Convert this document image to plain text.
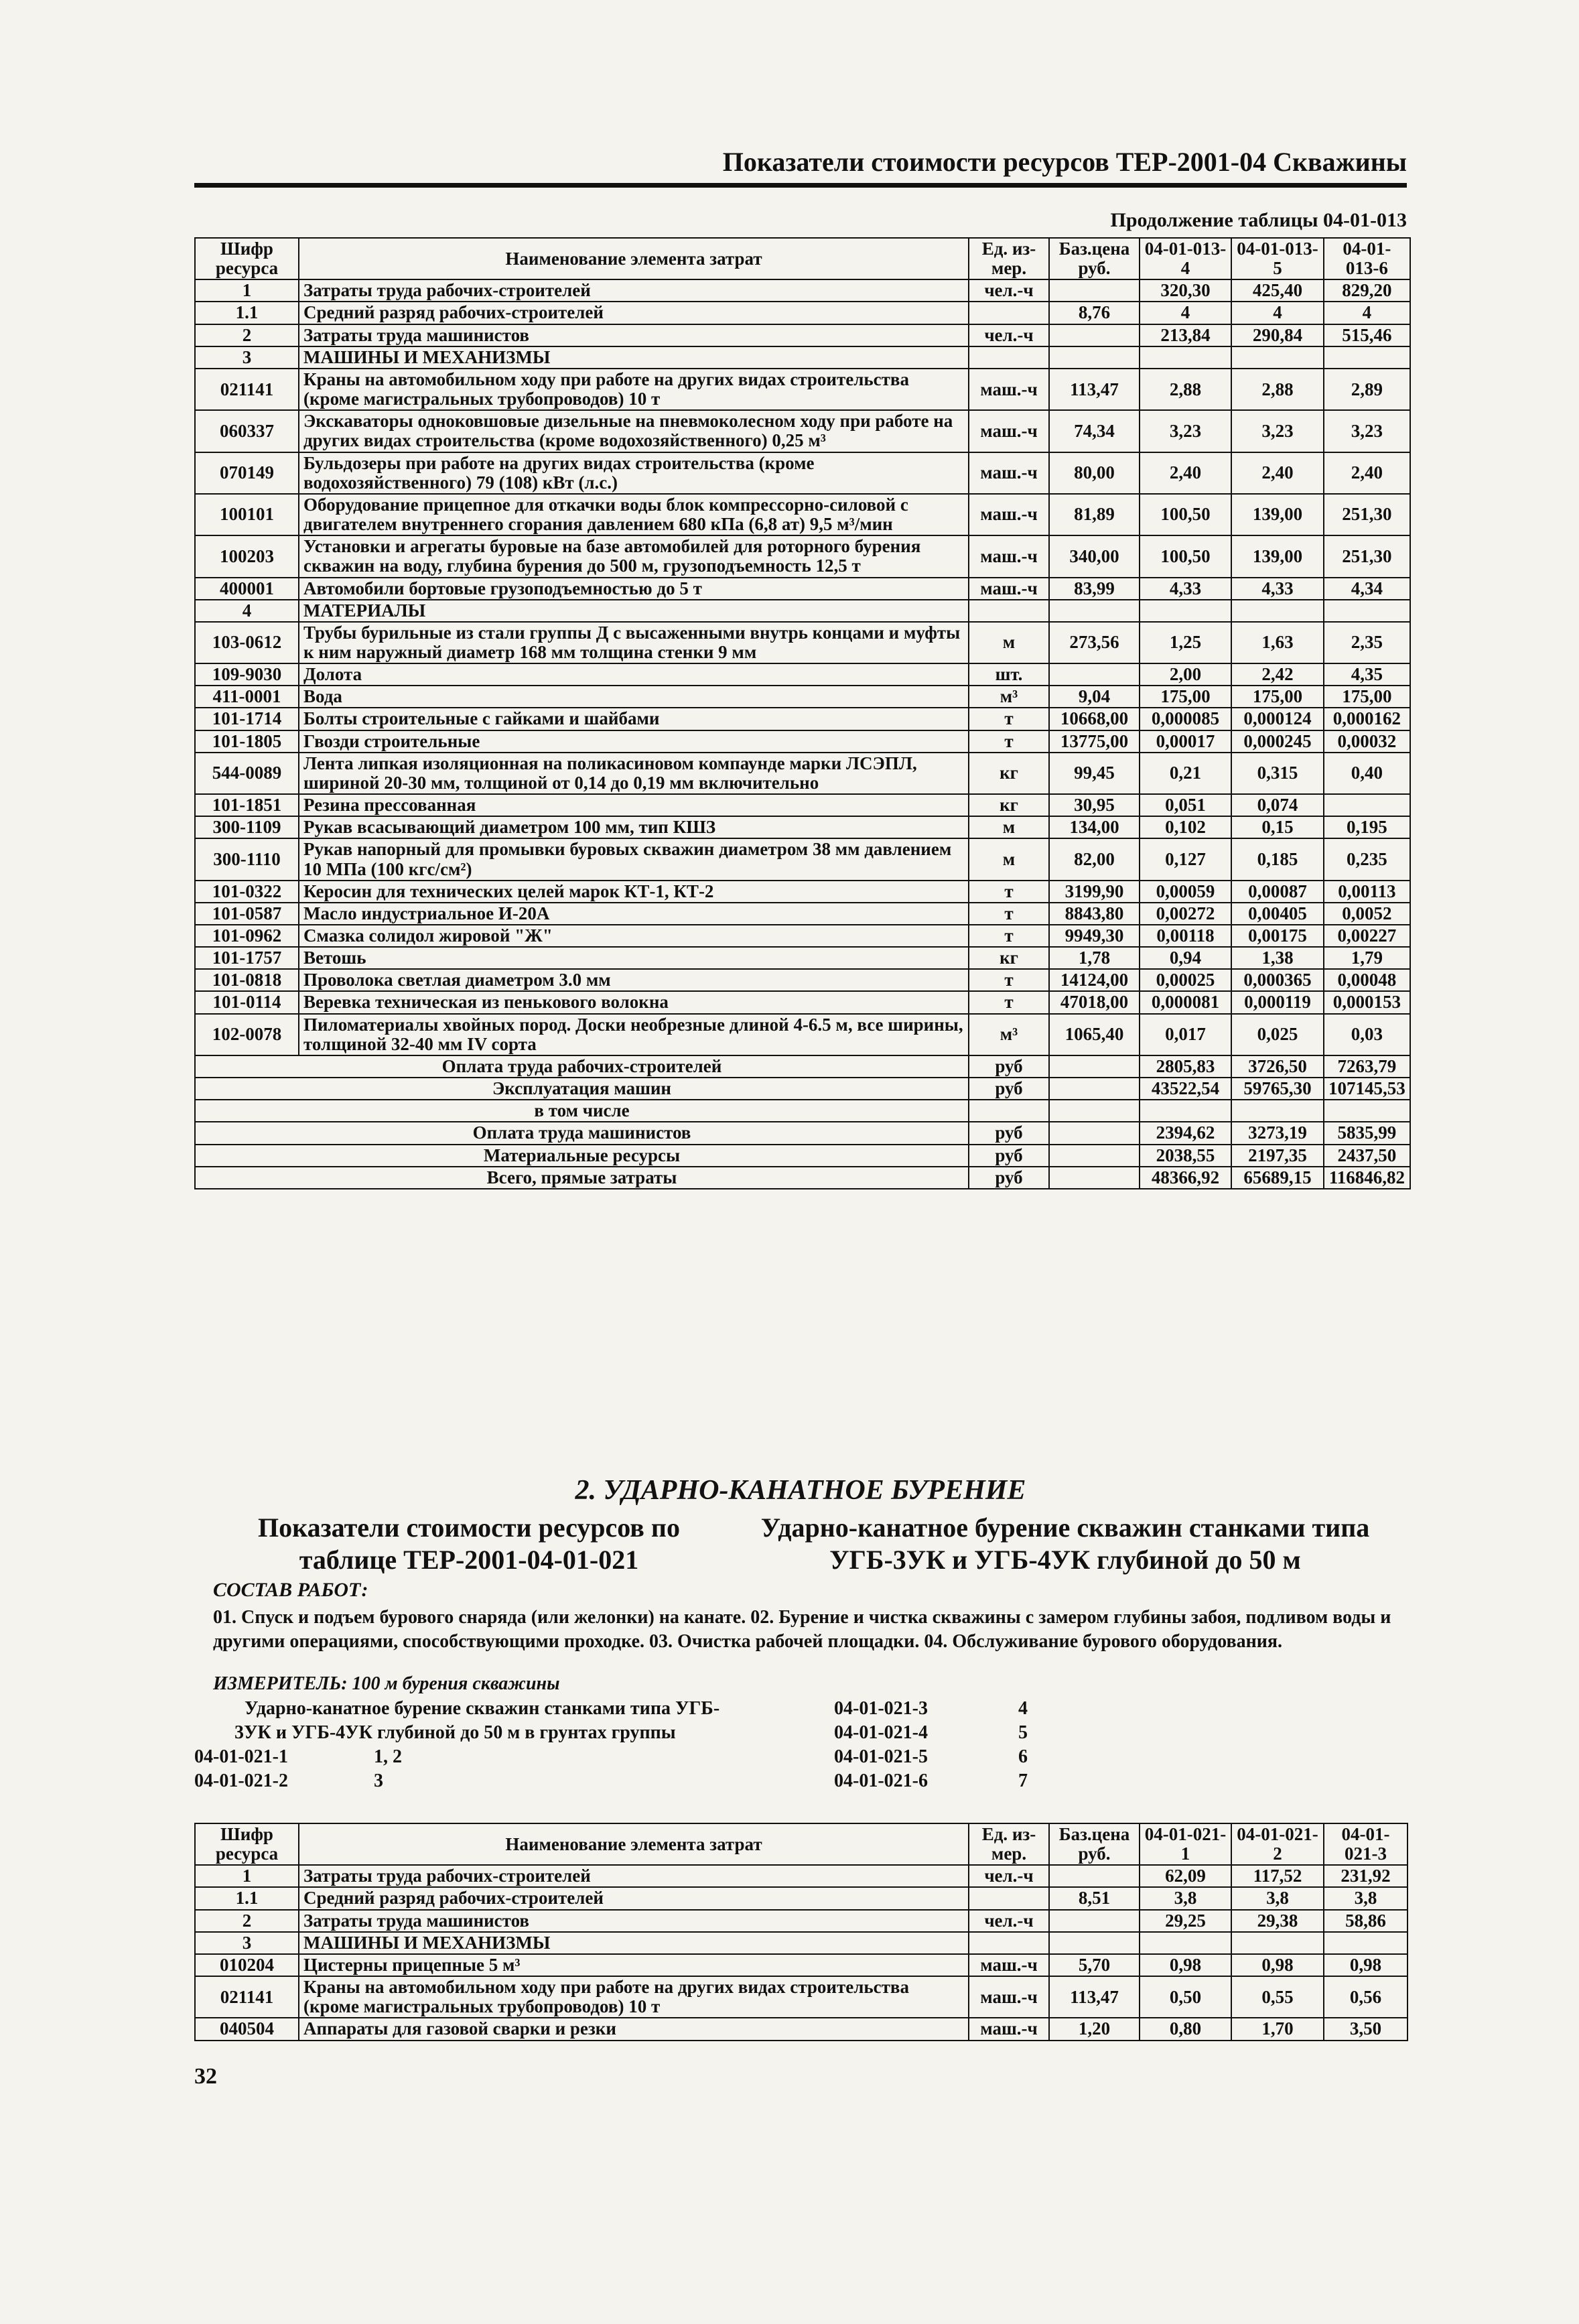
Показатели стоимости ресурсов ТЕР-2001-04 Скважины
Продолжение таблицы 04-01-013
Шифр ресурса	Наименование элемента затрат	Ед. из-мер.	Баз.цена руб.	04-01-013-4	04-01-013-5	04-01-013-6
1	Затраты труда рабочих-строителей	чел.-ч		320,30	425,40	829,20
1.1	Средний разряд рабочих-строителей		8,76	4	4	4
2	Затраты труда машинистов	чел.-ч		213,84	290,84	515,46
3	МАШИНЫ И МЕХАНИЗМЫ					
021141	Краны на автомобильном ходу при работе на других видах строительства (кроме магистральных трубопроводов) 10 т	маш.-ч	113,47	2,88	2,88	2,89
060337	Экскаваторы одноковшовые дизельные на пневмоколесном ходу при работе на других видах строительства (кроме водохозяйственного) 0,25 м³	маш.-ч	74,34	3,23	3,23	3,23
070149	Бульдозеры при работе на других видах строительства (кроме водохозяйственного) 79 (108) кВт (л.с.)	маш.-ч	80,00	2,40	2,40	2,40
100101	Оборудование прицепное для откачки воды блок компрессорно-силовой с двигателем внутреннего сгорания давлением 680 кПа (6,8 ат) 9,5 м³/мин	маш.-ч	81,89	100,50	139,00	251,30
100203	Установки и агрегаты буровые на базе автомобилей для роторного бурения скважин на воду, глубина бурения до 500 м, грузоподъемность 12,5 т	маш.-ч	340,00	100,50	139,00	251,30
400001	Автомобили бортовые грузоподъемностью до 5 т	маш.-ч	83,99	4,33	4,33	4,34
4	МАТЕРИАЛЫ					
103-0612	Трубы бурильные из стали группы Д с высаженными внутрь концами и муфты к ним наружный диаметр 168 мм толщина стенки 9 мм	м	273,56	1,25	1,63	2,35
109-9030	Долота	шт.		2,00	2,42	4,35
411-0001	Вода	м³	9,04	175,00	175,00	175,00
101-1714	Болты строительные с гайками и шайбами	т	10668,00	0,000085	0,000124	0,000162
101-1805	Гвозди строительные	т	13775,00	0,00017	0,000245	0,00032
544-0089	Лента липкая изоляционная на поликасиновом компаунде марки ЛСЭПЛ, шириной 20-30 мм, толщиной от 0,14 до 0,19 мм включительно	кг	99,45	0,21	0,315	0,40
101-1851	Резина прессованная	кг	30,95	0,051	0,074	
300-1109	Рукав всасывающий диаметром 100 мм, тип КШЗ	м	134,00	0,102	0,15	0,195
300-1110	Рукав напорный для промывки буровых скважин диаметром 38 мм давлением 10 МПа (100 кгс/см²)	м	82,00	0,127	0,185	0,235
101-0322	Керосин для технических целей марок КТ-1, КТ-2	т	3199,90	0,00059	0,00087	0,00113
101-0587	Масло индустриальное И-20А	т	8843,80	0,00272	0,00405	0,0052
101-0962	Смазка солидол жировой "Ж"	т	9949,30	0,00118	0,00175	0,00227
101-1757	Ветошь	кг	1,78	0,94	1,38	1,79
101-0818	Проволока светлая диаметром 3.0 мм	т	14124,00	0,00025	0,000365	0,00048
101-0114	Веревка техническая из пенькового волокна	т	47018,00	0,000081	0,000119	0,000153
102-0078	Пиломатериалы хвойных пород. Доски необрезные длиной 4-6.5 м, все ширины, толщиной 32-40 мм IV сорта	м³	1065,40	0,017	0,025	0,03
Оплата труда рабочих-строителей		руб		2805,83	3726,50	7263,79
Эксплуатация машин		руб		43522,54	59765,30	107145,53
в том числе						
Оплата труда машинистов		руб		2394,62	3273,19	5835,99
Материальные ресурсы		руб		2038,55	2197,35	2437,50
Всего, прямые затраты		руб		48366,92	65689,15	116846,82
2. УДАРНО-КАНАТНОЕ БУРЕНИЕ
Показатели стоимости ресурсов по таблице ТЕР-2001-04-01-021
Ударно-канатное бурение скважин станками типа УГБ-3УК и УГБ-4УК глубиной до 50 м
СОСТАВ РАБОТ:
01. Спуск и подъем бурового снаряда (или желонки) на канате. 02. Бурение и чистка скважины с замером глубины забоя, подливом воды и другими операциями, способствующими проходке. 03. Очистка рабочей площадки. 04. Обслуживание бурового оборудования.
ИЗМЕРИТЕЛЬ: 100 м бурения скважины
Ударно-канатное бурение скважин станками типа УГБ-
3УК и УГБ-4УК глубиной до 50 м в грунтах группы
04-01-021-1	1, 2
04-01-021-2	3
04-01-021-3	4
04-01-021-4	5
04-01-021-5	6
04-01-021-6	7
Шифр ресурса	Наименование элемента затрат	Ед. из-мер.	Баз.цена руб.	04-01-021-1	04-01-021-2	04-01-021-3
1	Затраты труда рабочих-строителей	чел.-ч		62,09	117,52	231,92
1.1	Средний разряд рабочих-строителей		8,51	3,8	3,8	3,8
2	Затраты труда машинистов	чел.-ч		29,25	29,38	58,86
3	МАШИНЫ И МЕХАНИЗМЫ					
010204	Цистерны прицепные 5 м³	маш.-ч	5,70	0,98	0,98	0,98
021141	Краны на автомобильном ходу при работе на других видах строительства (кроме магистральных трубопроводов) 10 т	маш.-ч	113,47	0,50	0,55	0,56
040504	Аппараты для газовой сварки и резки	маш.-ч	1,20	0,80	1,70	3,50
32
